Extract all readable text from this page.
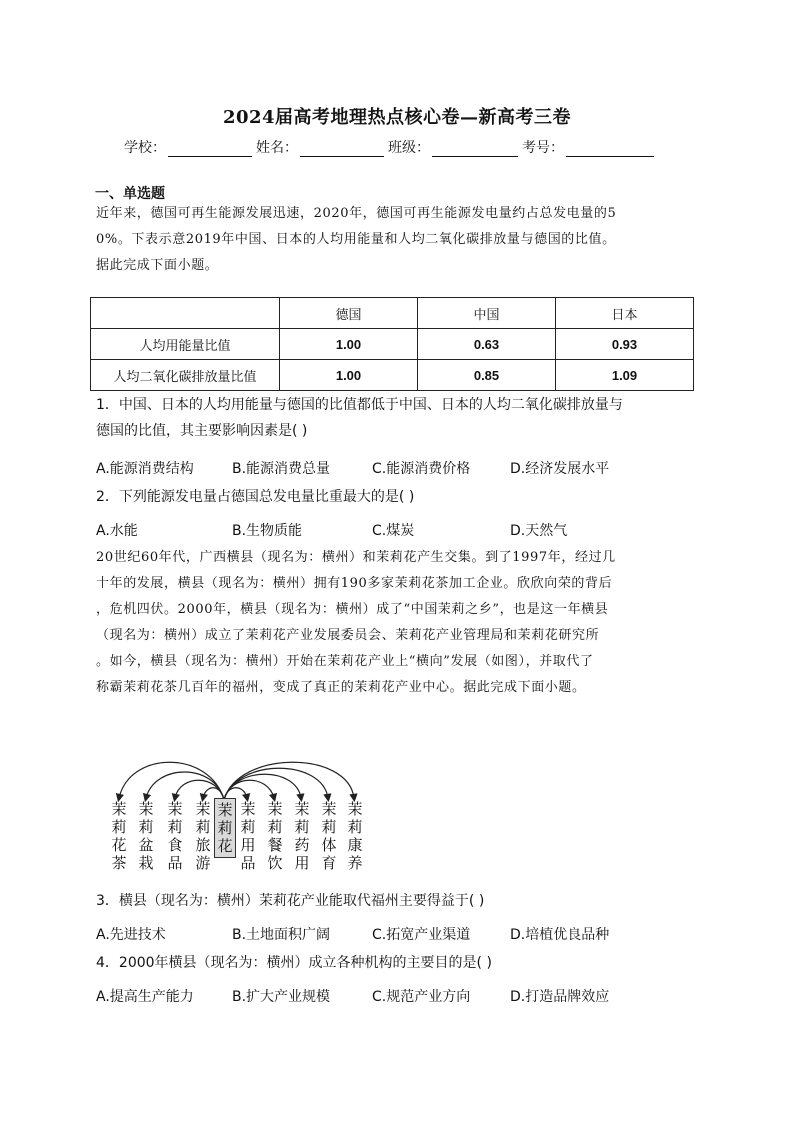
2024届高考地理热点核心卷—新高考三卷
学校：	姓名：	班级：	考号：
一、单选题
近年来，德国可再生能源发展迅速，2020年，德国可再生能源发电量约占总发电量的5
0%。下表示意2019年中国、日本的人均用能量和人均二氧化碳排放量与德国的比值。
据此完成下面小题。
	德国	中国	日本
人均用能量比值	1.00	0.63	0.93
人均二氧化碳排放量比值	1.00	0.85	1.09
1．中国、日本的人均用能量与德国的比值都低于中国、日本的人均二氧化碳排放量与
德国的比值，其主要影响因素是( )
A.能源消费结构	B.能源消费总量	C.能源消费价格	D.经济发展水平
2．下列能源发电量占德国总发电量比重最大的是( )
A.水能	B.生物质能	C.煤炭	D.天然气
20世纪60年代，广西横县（现名为：横州）和茉莉花产生交集。到了1997年，经过几
十年的发展，横县（现名为：横州）拥有190多家茉莉花茶加工企业。欣欣向荣的背后
，危机四伏。2000年，横县（现名为：横州）成了“中国茉莉之乡”，也是这一年横县
（现名为：横州）成立了茉莉花产业发展委员会、茉莉花产业管理局和茉莉花研究所
。如今，横县（现名为：横州）开始在茉莉花产业上“横向”发展（如图），并取代了
称霸茉莉花茶几百年的福州，变成了真正的茉莉花产业中心。据此完成下面小题。
茉莉花茶
茉莉盆栽
茉莉食品
茉莉旅游
茉莉花
茉莉用品
茉莉餐饮
茉莉药用
茉莉体育
茉莉康养
3．横县（现名为：横州）茉莉花产业能取代福州主要得益于( )
A.先进技术	B.土地面积广阔	C.拓宽产业渠道	D.培植优良品种
4．2000年横县（现名为：横州）成立各种机构的主要目的是( )
A.提高生产能力	B.扩大产业规模	C.规范产业方向	D.打造品牌效应
